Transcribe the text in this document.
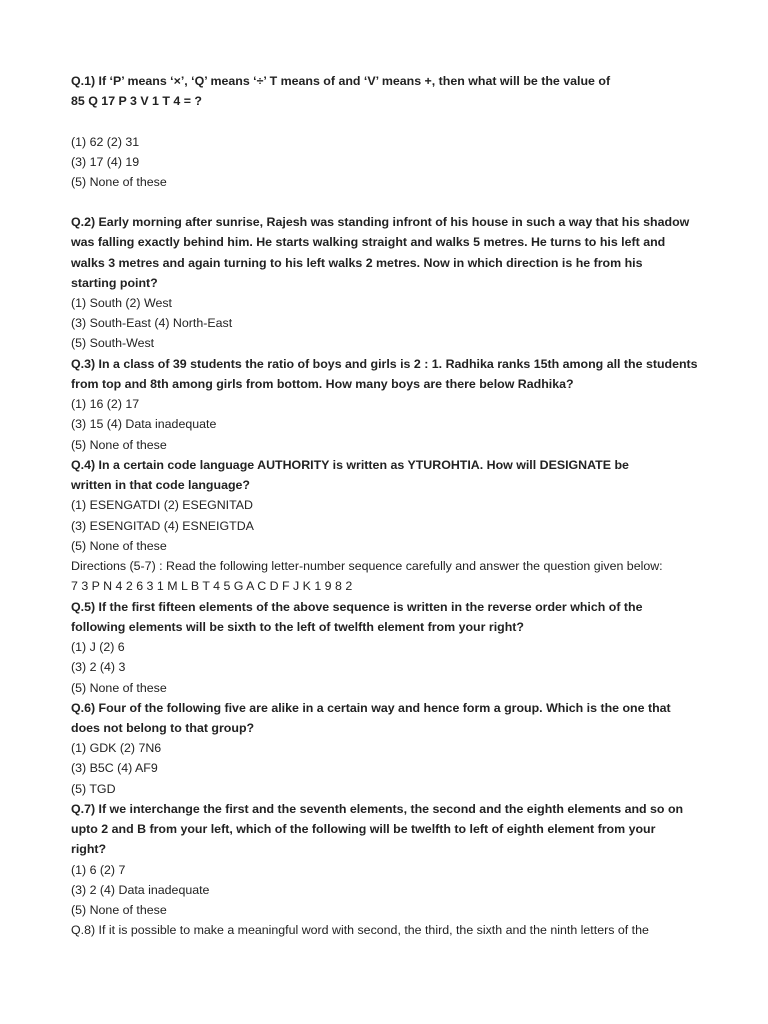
Q.1) If ‘P’ means ‘×’, ‘Q’ means ‘÷’ T means of and ‘V’ means +, then what will be the value of
85 Q 17 P 3 V 1 T 4 = ?
(1) 62 (2) 31
(3) 17 (4) 19
(5) None of these
Q.2) Early morning after sunrise, Rajesh was standing infront of his house in such a way that his shadow
was falling exactly behind him. He starts walking straight and walks 5 metres. He turns to his left and
walks 3 metres and again turning to his left walks 2 metres. Now in which direction is he from his
starting point?
(1) South (2) West
(3) South-East (4) North-East
(5) South-West
Q.3) In a class of 39 students the ratio of boys and girls is 2 : 1. Radhika ranks 15th among all the students
from top and 8th among girls from bottom. How many boys are there below Radhika?
(1) 16 (2) 17
(3) 15 (4) Data inadequate
(5) None of these
Q.4) In a certain code language AUTHORITY is written as YTUROHTIA. How will DESIGNATE be
written in that code language?
(1) ESENGATDI (2) ESEGNITAD
(3) ESENGITAD (4) ESNEIGTDA
(5) None of these
Directions (5-7) : Read the following letter-number sequence carefully and answer the question given below:
7 3 P N 4 2 6 3 1 M L B T 4 5 G A C D F J K 1 9 8 2
Q.5) If the first fifteen elements of the above sequence is written in the reverse order which of the
following elements will be sixth to the left of twelfth element from your right?
(1) J (2) 6
(3) 2 (4) 3
(5) None of these
Q.6) Four of the following five are alike in a certain way and hence form a group. Which is the one that
does not belong to that group?
(1) GDK (2) 7N6
(3) B5C (4) AF9
(5) TGD
Q.7) If we interchange the first and the seventh elements, the second and the eighth elements and so on
upto 2 and B from your left, which of the following will be twelfth to left of eighth element from your
right?
(1) 6 (2) 7
(3) 2 (4) Data inadequate
(5) None of these
Q.8) If it is possible to make a meaningful word with second, the third, the sixth and the ninth letters of the
